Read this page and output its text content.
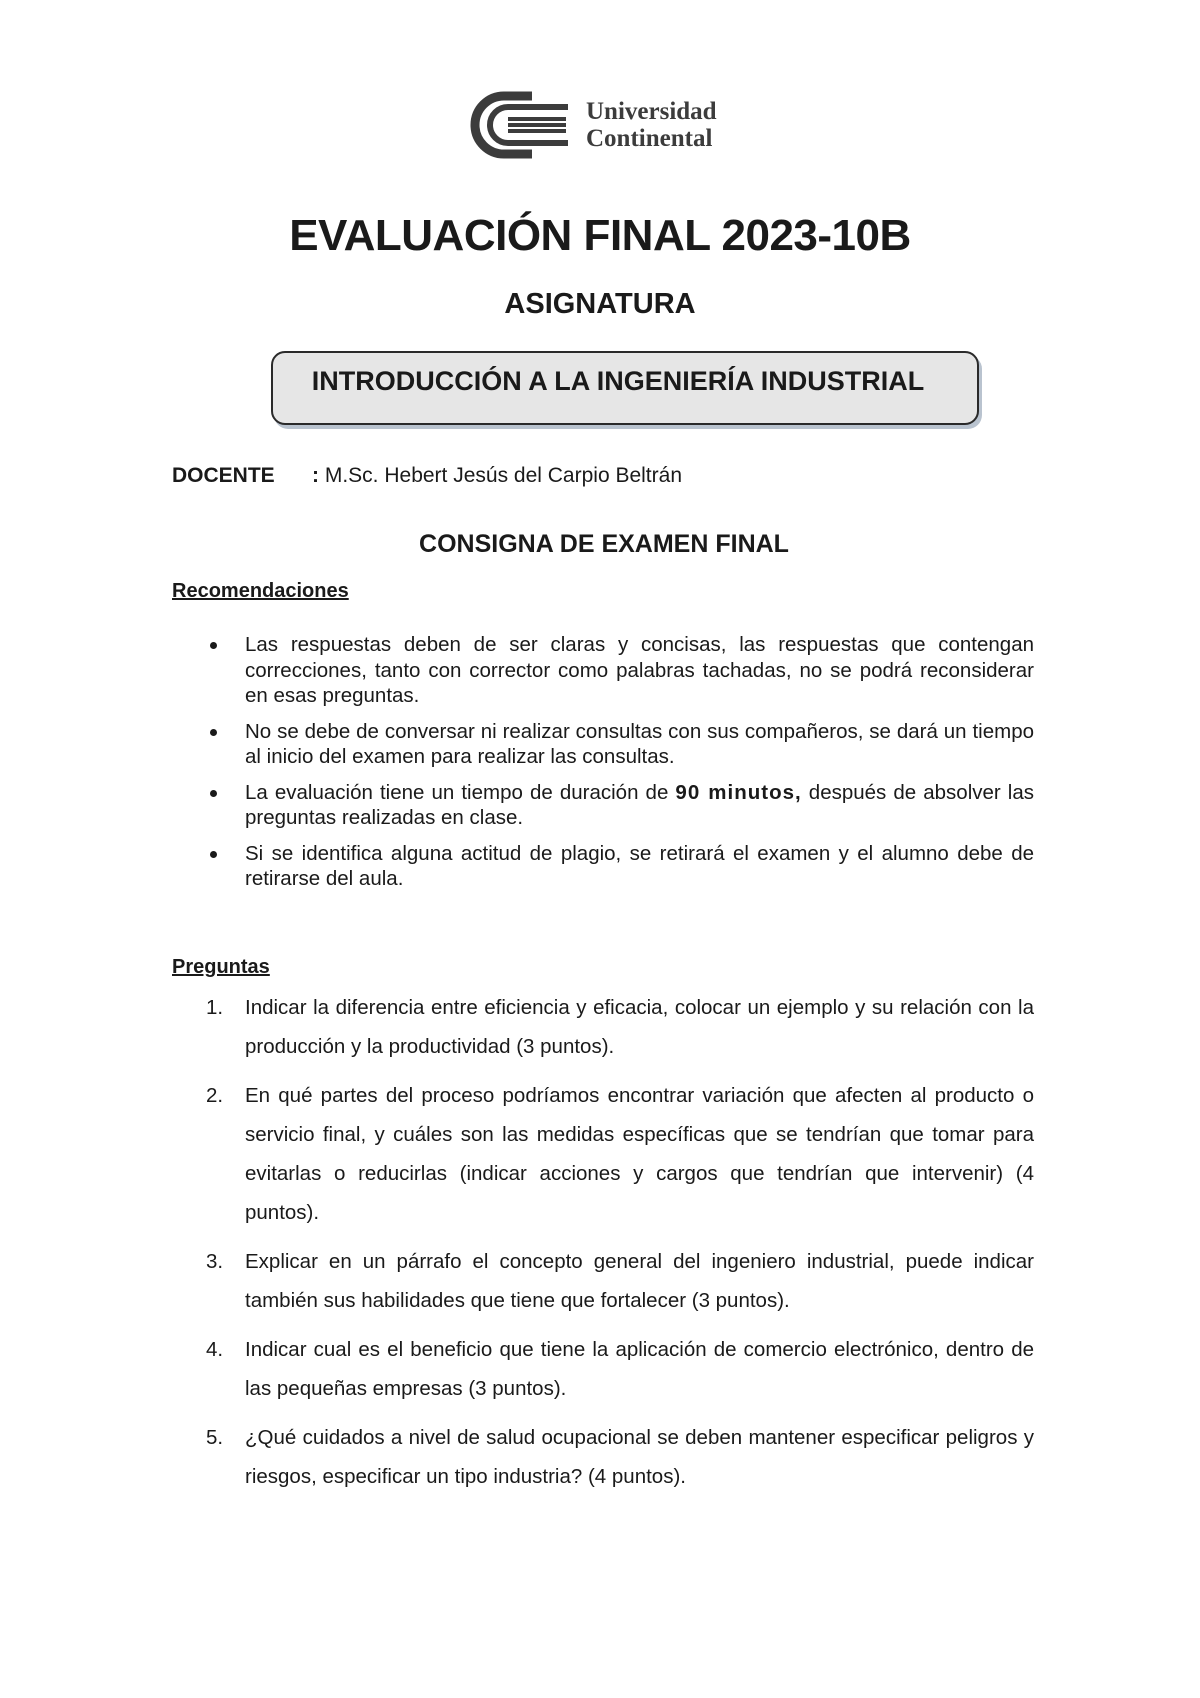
Universidad
Continental
EVALUACIÓN FINAL 2023-10B
ASIGNATURA
INTRODUCCIÓN A LA INGENIERÍA INDUSTRIAL
DOCENTE : M.Sc. Hebert Jesús del Carpio Beltrán
CONSIGNA DE EXAMEN FINAL
Recomendaciones
Las respuestas deben de ser claras y concisas, las respuestas que contengan correcciones, tanto con corrector como palabras tachadas, no se podrá reconsiderar en esas preguntas.
No se debe de conversar ni realizar consultas con sus compañeros, se dará un tiempo al inicio del examen para realizar las consultas.
La evaluación tiene un tiempo de duración de 90 minutos, después de absolver las preguntas realizadas en clase.
Si se identifica alguna actitud de plagio, se retirará el examen y el alumno debe de retirarse del aula.
Preguntas
1. Indicar la diferencia entre eficiencia y eficacia, colocar un ejemplo y su relación con la producción y la productividad (3 puntos).
2. En qué partes del proceso podríamos encontrar variación que afecten al producto o servicio final, y cuáles son las medidas específicas que se tendrían que tomar para evitarlas o reducirlas (indicar acciones y cargos que tendrían que intervenir) (4 puntos).
3. Explicar en un párrafo el concepto general del ingeniero industrial, puede indicar también sus habilidades que tiene que fortalecer (3 puntos).
4. Indicar cual es el beneficio que tiene la aplicación de comercio electrónico, dentro de las pequeñas empresas (3 puntos).
5. ¿Qué cuidados a nivel de salud ocupacional se deben mantener especificar peligros y riesgos, especificar un tipo industria? (4 puntos).
